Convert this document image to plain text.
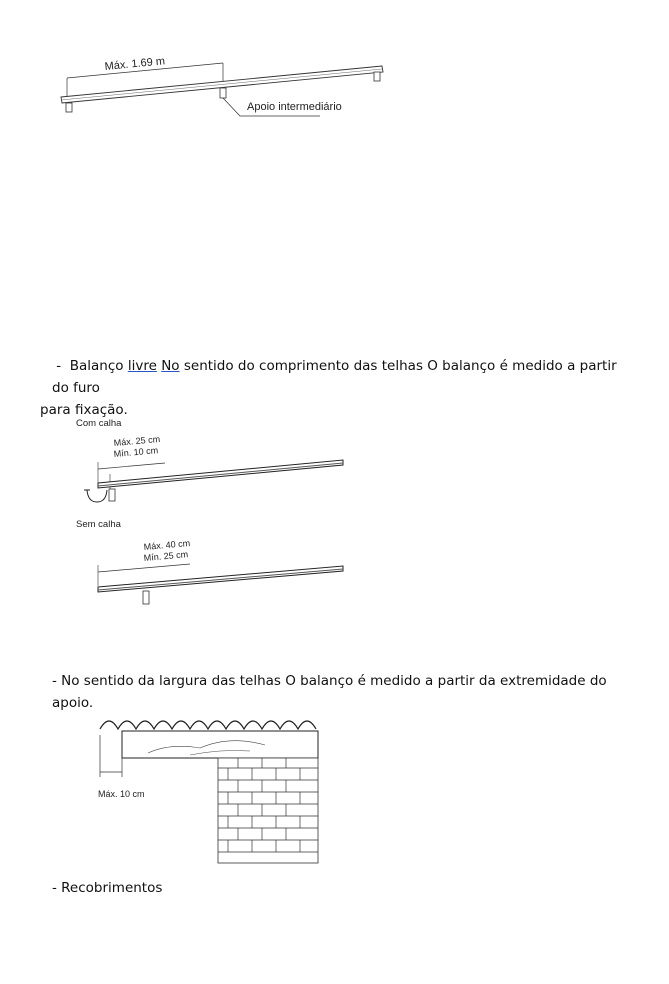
Máx. 1.69 m
Apoio intermediário
-  Balanço livre No sentido do comprimento das telhas O balanço é medido a partir do furo
para fixação.
Com calha
Máx. 25 cm
Mín. 10 cm
Sem calha
Máx. 40 cm
Mín. 25 cm
- No sentido da largura das telhas O balanço é medido a partir da extremidade do apoio.
Máx. 10 cm
- Recobrimentos
